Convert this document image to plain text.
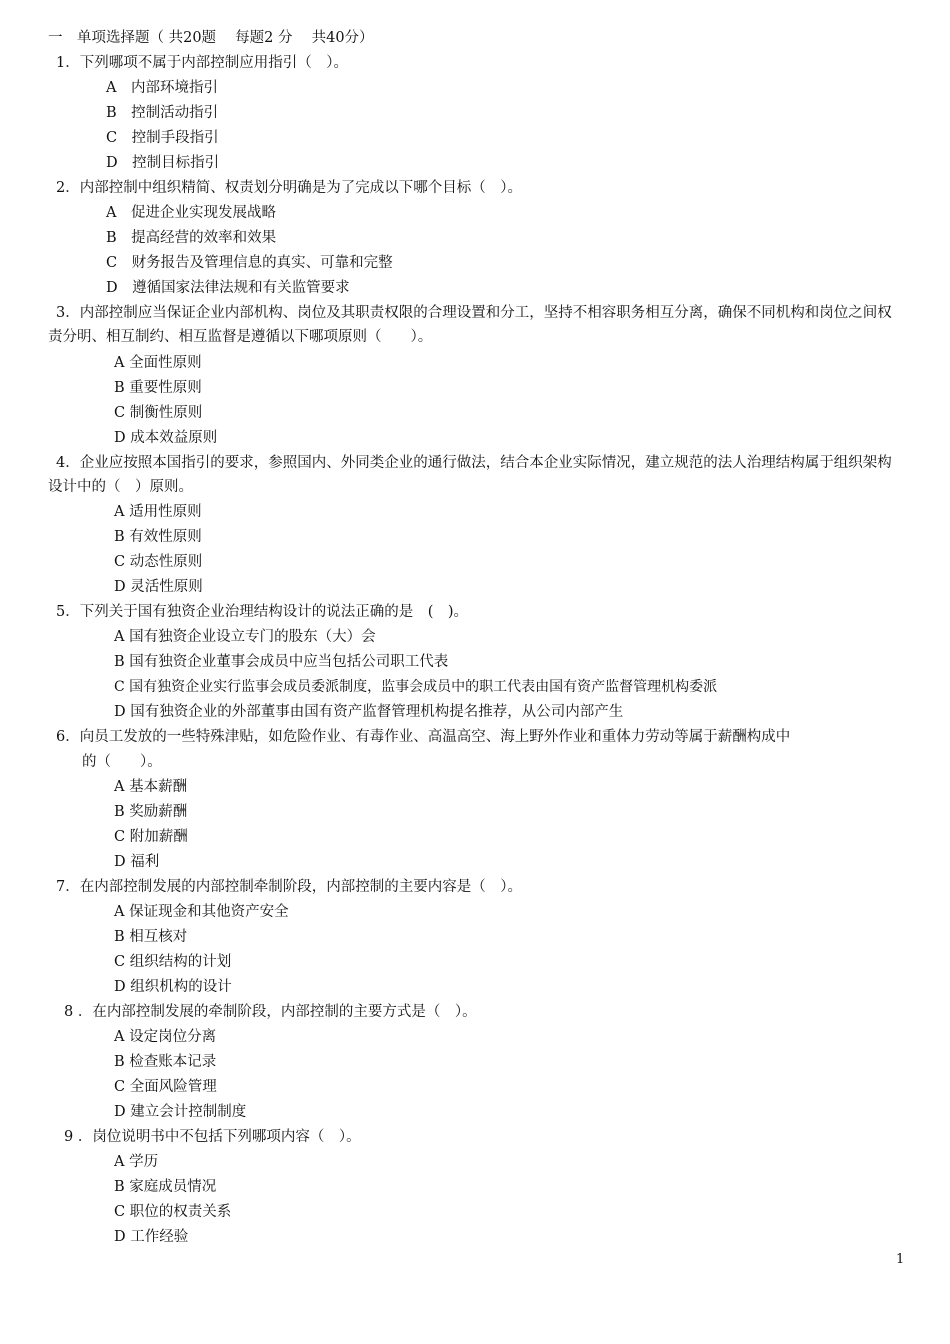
一　单项选择题（ 共20题　 每题2 分　 共40分）
1．下列哪项不属于内部控制应用指引（　）。
A　内部环境指引
B　控制活动指引
C　控制手段指引
D　控制目标指引
2．内部控制中组织精简、权责划分明确是为了完成以下哪个目标（　）。
A　促进企业实现发展战略
B　提高经营的效率和效果
C　财务报告及管理信息的真实、可靠和完整
D　遵循国家法律法规和有关监管要求
3．内部控制应当保证企业内部机构、岗位及其职责权限的合理设置和分工，坚持不相容职务相互分离，确保不同机构和岗位之间权责分明、相互制约、相互监督是遵循以下哪项原则（　　）。
A 全面性原则
B 重要性原则
C 制衡性原则
D 成本效益原则
4．企业应按照本国指引的要求，参照国内、外同类企业的通行做法，结合本企业实际情况，建立规范的法人治理结构属于组织架构设计中的（　）原则。
A 适用性原则
B 有效性原则
C 动态性原则
D 灵活性原则
5．下列关于国有独资企业治理结构设计的说法正确的是　(　)。
A 国有独资企业设立专门的股东（大）会
B 国有独资企业董事会成员中应当包括公司职工代表
C 国有独资企业实行监事会成员委派制度，监事会成员中的职工代表由国有资产监督管理机构委派
D 国有独资企业的外部董事由国有资产监督管理机构提名推荐，从公司内部产生
6．向员工发放的一些特殊津贴，如危险作业、有毒作业、高温高空、海上野外作业和重体力劳动等属于薪酬构成中
的（　　）。
A 基本薪酬
B 奖励薪酬
C 附加薪酬
D 福利
7．在内部控制发展的内部控制牵制阶段，内部控制的主要内容是（　）。
A 保证现金和其他资产安全
B 相互核对
C 组织结构的计划
D 组织机构的设计
8 ．在内部控制发展的牵制阶段，内部控制的主要方式是（　）。
A 设定岗位分离
B 检查账本记录
C 全面风险管理
D 建立会计控制制度
9 ．岗位说明书中不包括下列哪项内容（　）。
A 学历
B 家庭成员情况
C 职位的权责关系
D 工作经验
1
